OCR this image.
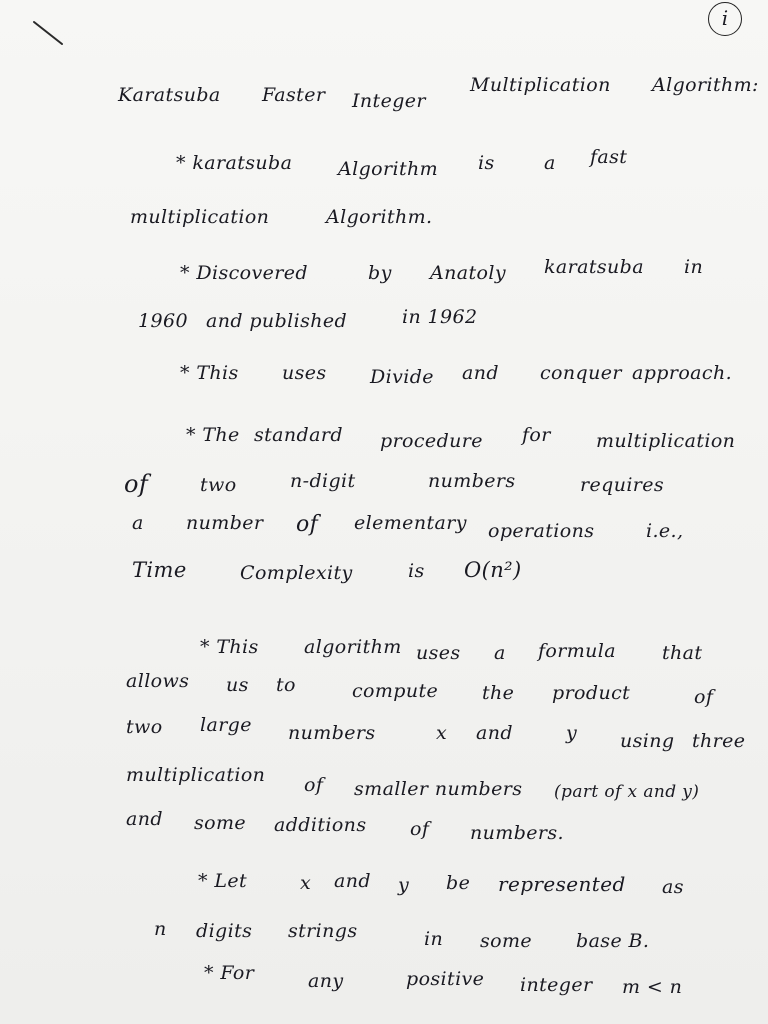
i
Karatsuba Faster Integer
Multiplication Algorithm:
* karatsuba Algorithm is	a fast
multiplication	Algorithm.
* Discovered	by Anatoly karatsuba in
1960 and published	in 1962
* This uses Divide and conquer approach.
* The standard procedure for multiplication
of	two	n-digit	numbers	requires
a number of elementary operations	i.e.,
Time	Complexity	is O(n²)
* This algorithm uses a formula that
allows us to	compute the product	of
two large numbers	x and	y using three
multiplication of smaller numbers (part of x and y)
and some additions of numbers.
* Let	x and y be represented as
n digits strings	in some base B.
* For	any	positive integer m < n
